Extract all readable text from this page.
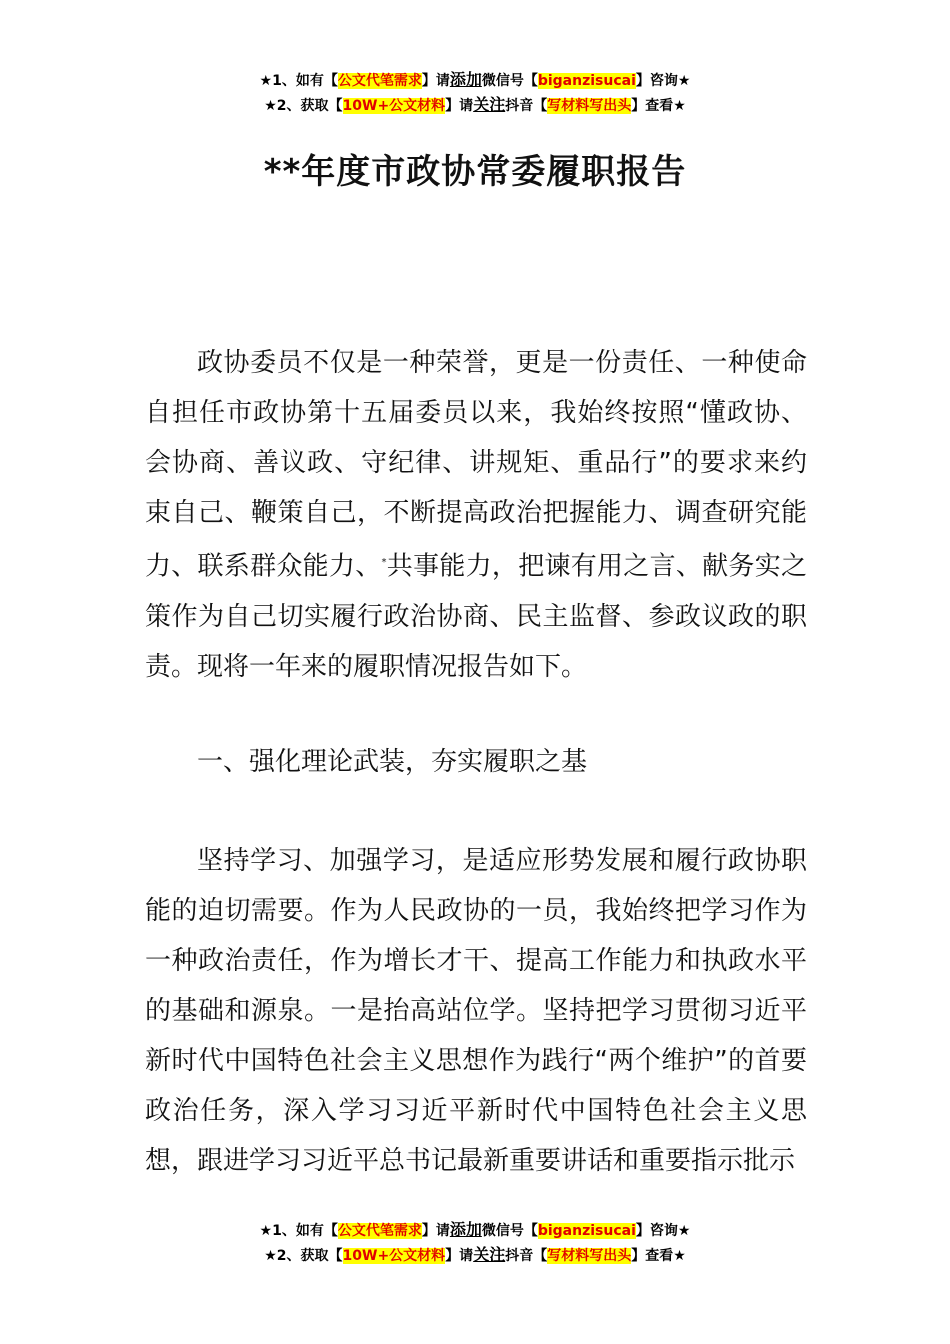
★1、如有【公文代笔需求】请添加微信号【biganzisucai】咨询★
★2、获取【10W+公文材料】请关注抖音【写材料写出头】查看★
**年度市政协常委履职报告

政协委员不仅是一种荣誉，更是一份责任、一种使命自担任市政协第十五届委员以来，我始终按照“懂政协、会协商、善议政、守纪律、讲规矩、重品行”的要求来约束自己、鞭策自己，不断提高政治把握能力、调查研究能力、联系群众能力、*共事能力，把谏有用之言、献务实之策作为自己切实履行政治协商、民主监督、参政议政的职责。现将一年来的履职情况报告如下。

一、强化理论武装，夯实履职之基

坚持学习、加强学习，是适应形势发展和履行政协职能的迫切需要。作为人民政协的一员，我始终把学习作为一种政治责任，作为增长才干、提高工作能力和执政水平的基础和源泉。一是抬高站位学。坚持把学习贯彻习近平新时代中国特色社会主义思想作为践行“两个维护”的首要政治任务，深入学习习近平新时代中国特色社会主义思想，跟进学习习近平总书记最新重要讲话和重要指示批示

★1、如有【公文代笔需求】请添加微信号【biganzisucai】咨询★
★2、获取【10W+公文材料】请关注抖音【写材料写出头】查看★
